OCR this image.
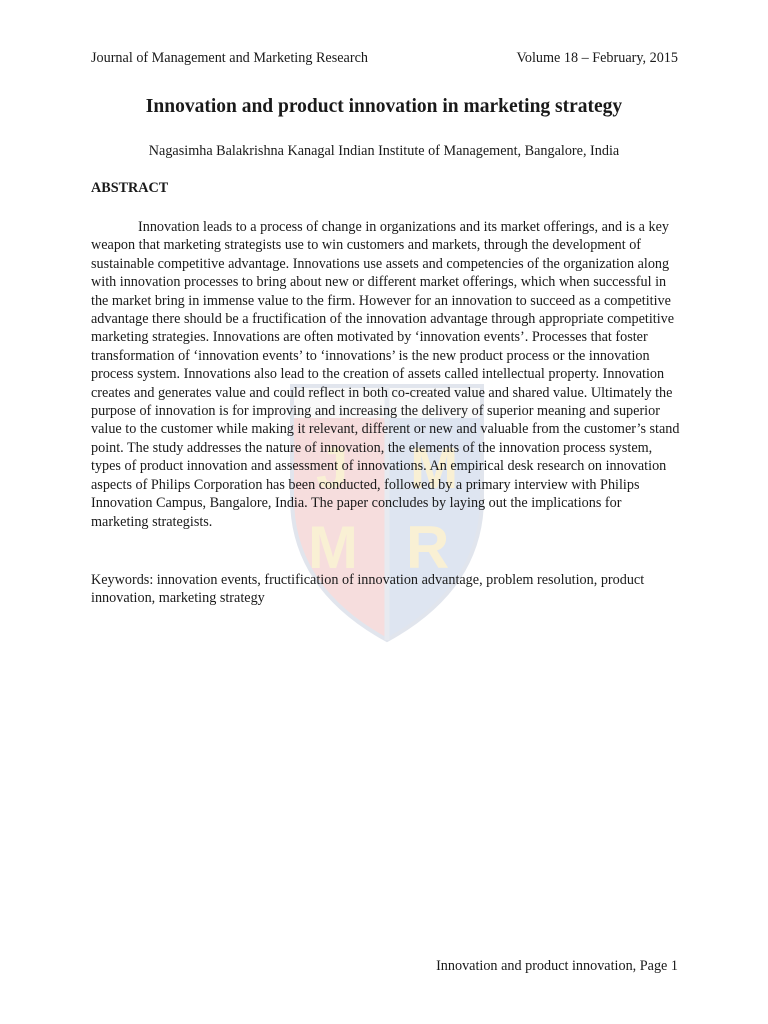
J M
M R
Journal of Management and Marketing Research	Volume 18 – February, 2015
Innovation and product innovation in marketing strategy
Nagasimha Balakrishna Kanagal Indian Institute of Management, Bangalore, India
ABSTRACT

Innovation leads to a process of change in organizations and its market offerings, and is a key weapon that marketing strategists use to win customers and markets, through the development of sustainable competitive advantage. Innovations use assets and competencies of the organization along with innovation processes to bring about new or different market offerings, which when successful in the market bring in immense value to the firm. However for an innovation to succeed as a competitive advantage there should be a fructification of the innovation advantage through appropriate competitive marketing strategies. Innovations are often motivated by ‘innovation events’. Processes that foster transformation of ‘innovation events’ to ‘innovations’ is the new product process or the innovation process system. Innovations also lead to the creation of assets called intellectual property. Innovation creates and generates value and could reflect in both co-created value and shared value. Ultimately the purpose of innovation is for improving and increasing the delivery of superior meaning and superior value to the customer while making it relevant, different or new and valuable from the customer’s stand point. The study addresses the nature of innovation, the elements of the innovation process system, types of product innovation and assessment of innovations. An empirical desk research on innovation aspects of Philips Corporation has been conducted, followed by a primary interview with Philips Innovation Campus, Bangalore, India. The paper concludes by laying out the implications for marketing strategists.

Keywords: innovation events, fructification of innovation advantage, problem resolution, product innovation, marketing strategy

Innovation and product innovation, Page 1
